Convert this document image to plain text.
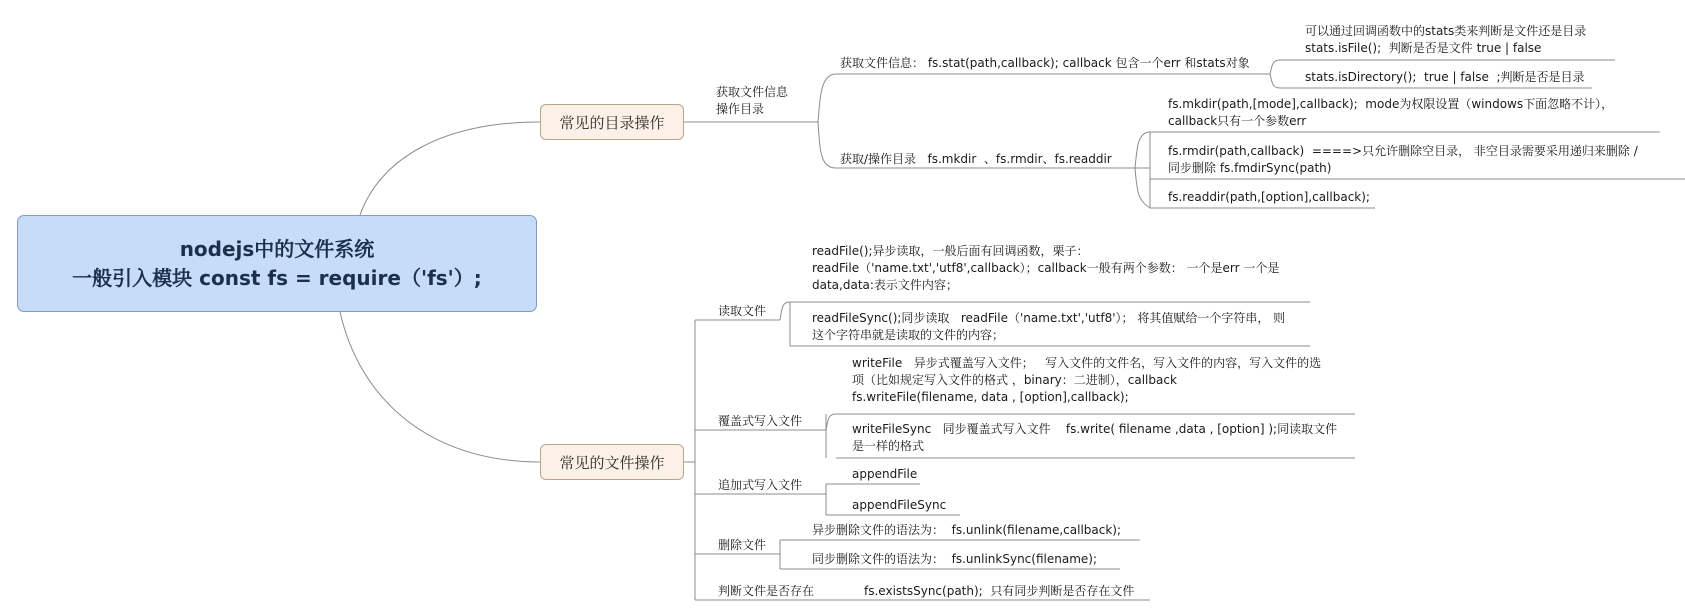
nodejs中的文件系统
一般引入模块 const fs = require（'fs'）;
常见的目录操作
常见的文件操作
获取文件信息
操作目录
获取文件信息： fs.stat(path,callback); callback 包含一个err 和stats对象
可以通过回调函数中的stats类来判断是文件还是目录
stats.isFile();  判断是否是文件 true | false
stats.isDirectory();  true | false  ;判断是否是目录
获取/操作目录   fs.mkdir  、fs.rmdir、fs.readdir
fs.mkdir(path,[mode],callback);  mode为权限设置（windows下面忽略不计），
callback只有一个参数err
fs.rmdir(path,callback)  ====>只允许删除空目录， 非空目录需要采用递归来删除 /
同步删除 fs.fmdirSync(path)
fs.readdir(path,[option],callback);
读取文件
readFile();异步读取，一般后面有回调函数，栗子：
readFile（'name.txt','utf8',callback）；callback一般有两个参数： 一个是err 一个是
data,data:表示文件内容；
readFileSync();同步读取   readFile（'name.txt','utf8'）； 将其值赋给一个字符串， 则
这个字符串就是读取的文件的内容；
覆盖式写入文件
writeFile   异步式覆盖写入文件；   写入文件的文件名，写入文件的内容，写入文件的选
项（比如规定写入文件的格式 ，binary：二进制），callback
fs.writeFile(filename, data , [option],callback);
writeFileSync   同步覆盖式写入文件    fs.write( filename ,data , [option] );同读取文件
是一样的格式
追加式写入文件
appendFile
appendFileSync
删除文件
异步删除文件的语法为：  fs.unlink(filename,callback);
同步删除文件的语法为：  fs.unlinkSync(filename);
判断文件是否存在	fs.existsSync(path);  只有同步判断是否存在文件
